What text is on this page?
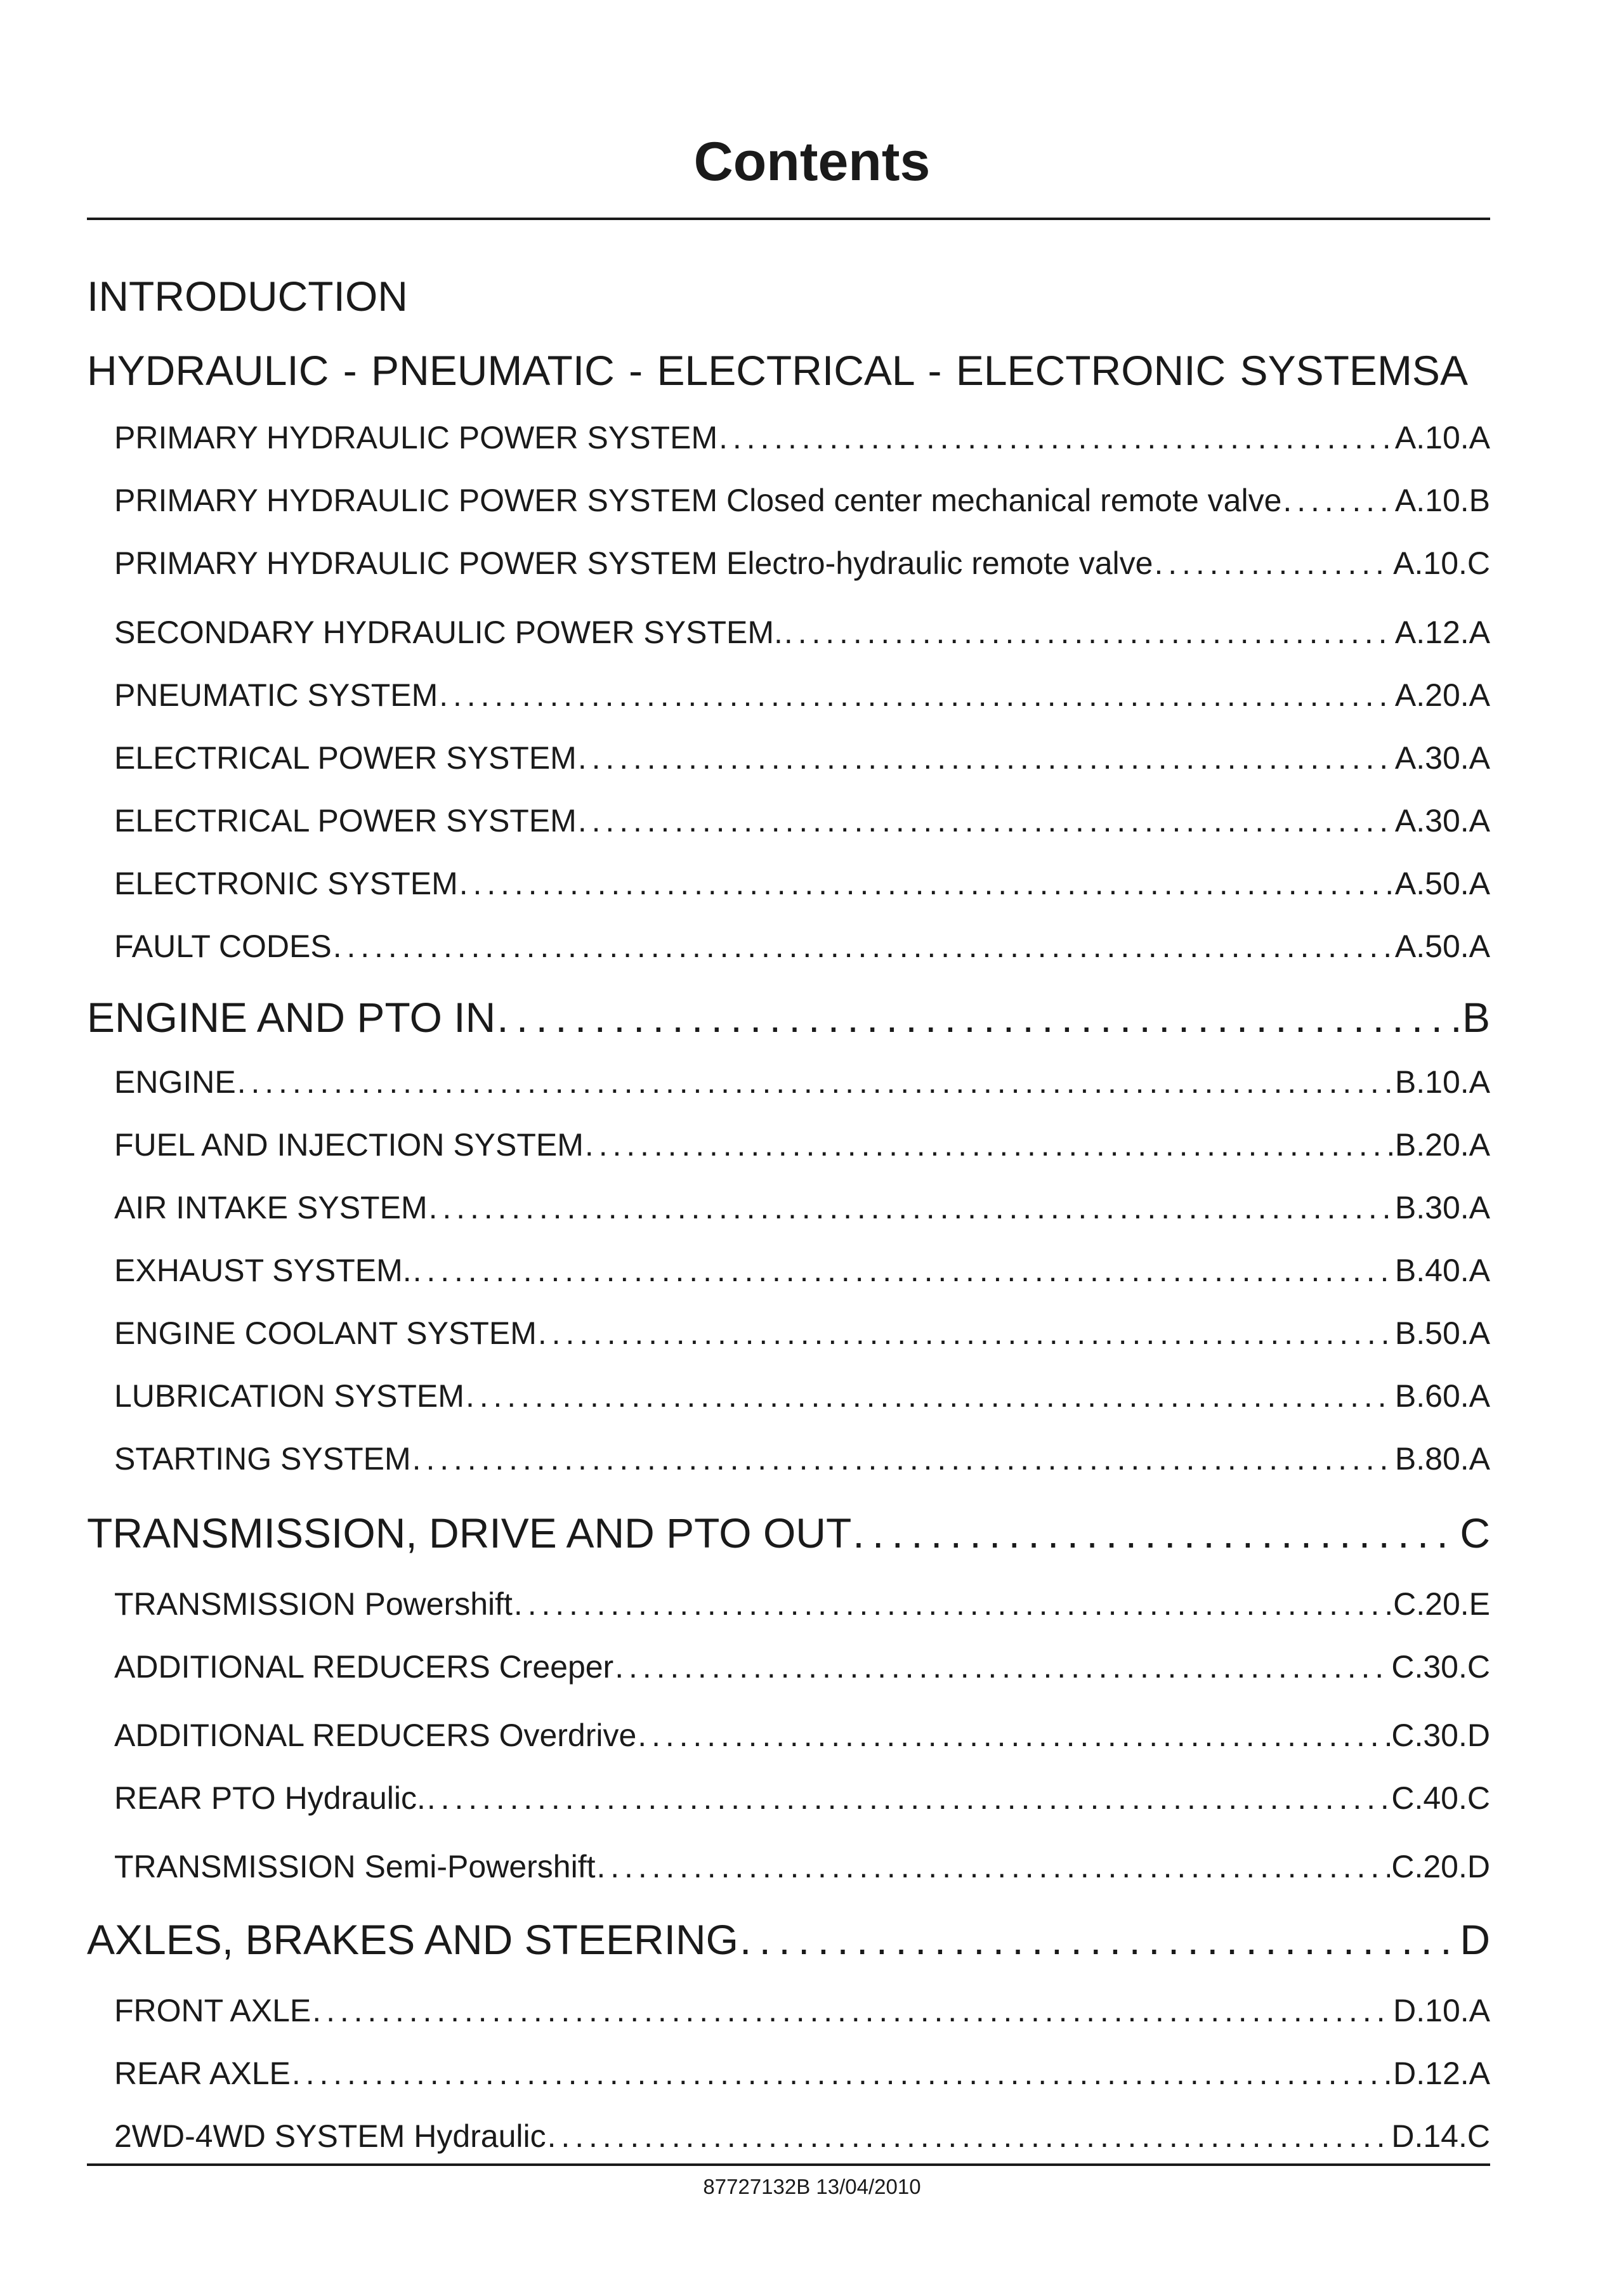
Contents
INTRODUCTION
HYDRAULIC - PNEUMATIC - ELECTRICAL - ELECTRONIC SYSTEMSA
PRIMARY HYDRAULIC POWER SYSTEM . . .	A.10.A
PRIMARY HYDRAULIC POWER SYSTEM Closed center mechanical remote valve . . .	A.10.B
PRIMARY HYDRAULIC POWER SYSTEM Electro-hydraulic remote valve . . .	A.10.C
SECONDARY HYDRAULIC POWER SYSTEM. . . .	A.12.A
PNEUMATIC SYSTEM . . .	A.20.A
ELECTRICAL POWER SYSTEM . . .	A.30.A
ELECTRICAL POWER SYSTEM . . .	A.30.A
ELECTRONIC SYSTEM . . .	A.50.A
FAULT CODES . . .	A.50.A
ENGINE AND PTO IN . . .	B
ENGINE . . .	B.10.A
FUEL AND INJECTION SYSTEM . . .	B.20.A
AIR INTAKE SYSTEM . . .	B.30.A
EXHAUST SYSTEM. . . .	B.40.A
ENGINE COOLANT SYSTEM . . .	B.50.A
LUBRICATION SYSTEM . . .	B.60.A
STARTING SYSTEM . . .	B.80.A
TRANSMISSION, DRIVE AND PTO OUT . . .	C
TRANSMISSION Powershift . . .	C.20.E
ADDITIONAL REDUCERS Creeper . . .	C.30.C
ADDITIONAL REDUCERS Overdrive . . .	C.30.D
REAR PTO Hydraulic. . . .	C.40.C
TRANSMISSION Semi-Powershift . . .	C.20.D
AXLES, BRAKES AND STEERING . . .	D
FRONT AXLE . . .	D.10.A
REAR AXLE . . .	D.12.A
2WD-4WD SYSTEM Hydraulic . . .	D.14.C
87727132B 13/04/2010
